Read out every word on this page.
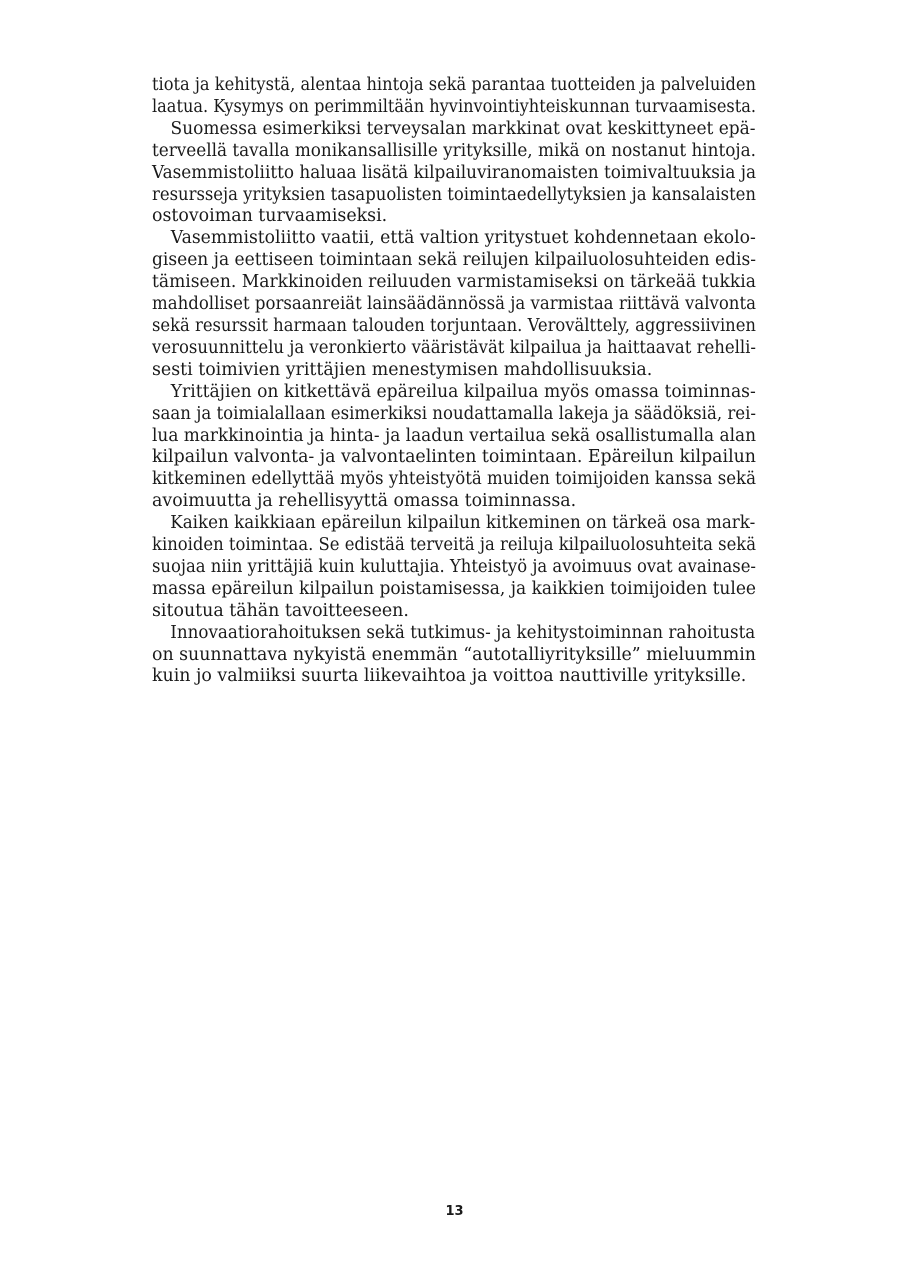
tiota ja kehitystä, alentaa hintoja sekä parantaa tuotteiden ja palveluiden
laatua. Kysymys on perimmiltään hyvinvointiyhteiskunnan turvaamisesta.
Suomessa esimerkiksi terveysalan markkinat ovat keskittyneet epä-
terveellä tavalla monikansallisille yrityksille, mikä on nostanut hintoja.
Vasemmistoliitto haluaa lisätä kilpailuviranomaisten toimivaltuuksia ja
resursseja yrityksien tasapuolisten toimintaedellytyksien ja kansalaisten
ostovoiman turvaamiseksi.
Vasemmistoliitto vaatii, että valtion yritystuet kohdennetaan ekolo-
giseen ja eettiseen toimintaan sekä reilujen kilpailuolosuhteiden edis-
tämiseen. Markkinoiden reiluuden varmistamiseksi on tärkeää tukkia
mahdolliset porsaanreiät lainsäädännössä ja varmistaa riittävä valvonta
sekä resurssit harmaan talouden torjuntaan. Verovälttely, aggressiivinen
verosuunnittelu ja veronkierto vääristävät kilpailua ja haittaavat rehelli-
sesti toimivien yrittäjien menestymisen mahdollisuuksia.
Yrittäjien on kitkettävä epäreilua kilpailua myös omassa toiminnas-
saan ja toimialallaan esimerkiksi noudattamalla lakeja ja säädöksiä, rei-
lua markkinointia ja hinta- ja laadun vertailua sekä osallistumalla alan
kilpailun valvonta- ja valvontaelinten toimintaan. Epäreilun kilpailun
kitkeminen edellyttää myös yhteistyötä muiden toimijoiden kanssa sekä
avoimuutta ja rehellisyyttä omassa toiminnassa.
Kaiken kaikkiaan epäreilun kilpailun kitkeminen on tärkeä osa mark-
kinoiden toimintaa. Se edistää terveitä ja reiluja kilpailuolosuhteita sekä
suojaa niin yrittäjiä kuin kuluttajia. Yhteistyö ja avoimuus ovat avainase-
massa epäreilun kilpailun poistamisessa, ja kaikkien toimijoiden tulee
sitoutua tähän tavoitteeseen.
Innovaatiorahoituksen sekä tutkimus- ja kehitystoiminnan rahoitusta
on suunnattava nykyistä enemmän “autotalliyrityksille” mieluummin
kuin jo valmiiksi suurta liikevaihtoa ja voittoa nauttiville yrityksille.
13
